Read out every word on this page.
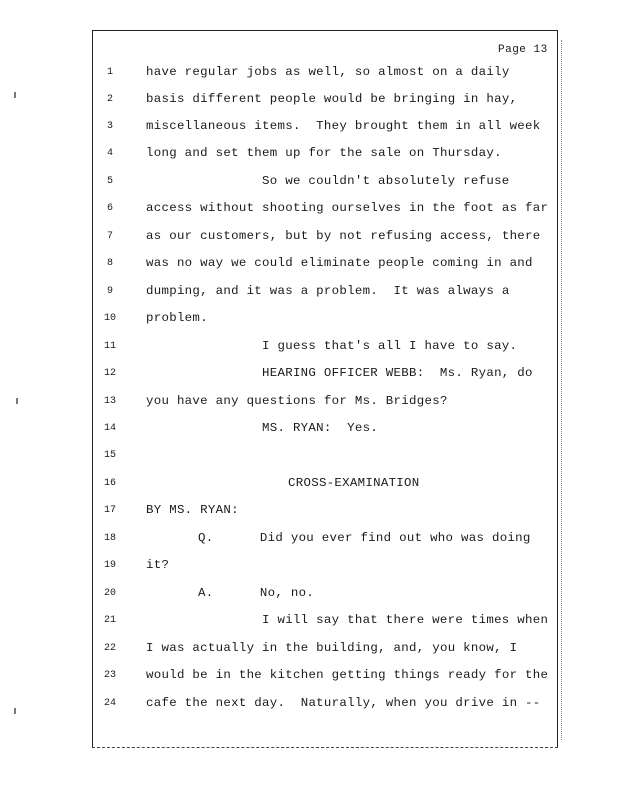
Page 13
1	have regular jobs as well, so almost on a daily
2	basis different people would be bringing in hay,
3	miscellaneous items.  They brought them in all week
4	long and set them up for the sale on Thursday.
5	So we couldn't absolutely refuse
6	access without shooting ourselves in the foot as far
7	as our customers, but by not refusing access, there
8	was no way we could eliminate people coming in and
9	dumping, and it was a problem.  It was always a
10	problem.
11	I guess that's all I have to say.
12	HEARING OFFICER WEBB:  Ms. Ryan, do
13	you have any questions for Ms. Bridges?
14	MS. RYAN:  Yes.
15
16	CROSS-EXAMINATION
17	BY MS. RYAN:
18	Q.      Did you ever find out who was doing
19	it?
20	A.      No, no.
21	I will say that there were times when
22	I was actually in the building, and, you know, I
23	would be in the kitchen getting things ready for the
24	cafe the next day.  Naturally, when you drive in --
